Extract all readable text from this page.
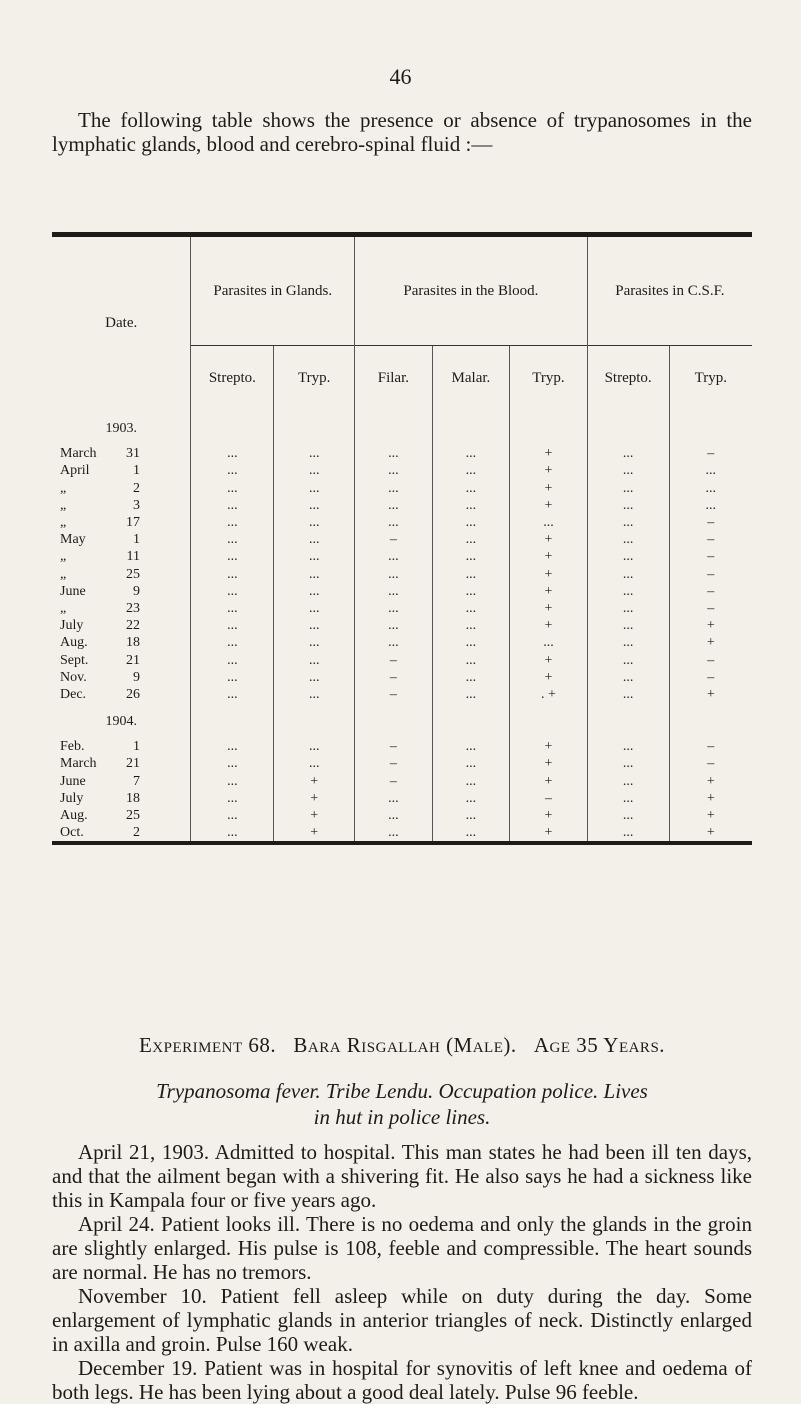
46

The following table shows the presence or absence of trypanosomes in the lymphatic glands, blood and cerebro-spinal fluid :—

Date.	Parasites in Glands.		Parasites in the Blood.			Parasites in C.S.F.	
	Strepto.	Tryp.	Filar.	Malar.	Tryp.	Strepto.	Tryp.
1903.							
March 31	...	...	...	...	+	...	–
April 1	...	...	...	...	+	...	...
„ 2	...	...	...	...	+	...	...
„ 3	...	...	...	...	+	...	...
„ 17	...	...	...	...	...	...	–
May 1	...	...	–	...	+	...	–
„ 11	...	...	...	...	+	...	–
„ 25	...	...	...	...	+	...	–
June 9	...	...	...	...	+	...	–
„ 23	...	...	...	...	+	...	–
July 22	...	...	...	...	+	...	+
Aug. 18	...	...	...	...	...	...	+
Sept. 21	...	...	–	...	+	...	–
Nov. 9	...	...	–	...	+	...	–
Dec. 26	...	...	–	...	. +	...	+
1904.							
Feb. 1	...	...	–	...	+	...	–
March 21	...	...	–	...	+	...	–
June 7	...	+	–	...	+	...	+
July 18	...	+	...	...	–	...	+
Aug. 25	...	+	...	...	+	...	+
Oct. 2	...	+	...	...	+	...	+
Experiment 68. Bara Risgallah (Male). Age 35 Years.
Trypanosoma fever. Tribe Lendu. Occupation police. Lives
in hut in police lines.

April 21, 1903. Admitted to hospital. This man states he had been ill ten days, and that the ailment began with a shivering fit. He also says he had a sickness like this in Kampala four or five years ago.

April 24. Patient looks ill. There is no oedema and only the glands in the groin are slightly enlarged. His pulse is 108, feeble and compressible. The heart sounds are normal. He has no tremors.

November 10. Patient fell asleep while on duty during the day. Some enlargement of lymphatic glands in anterior triangles of neck. Distinctly enlarged in axilla and groin. Pulse 160 weak.

December 19. Patient was in hospital for synovitis of left knee and oedema of both legs. He has been lying about a good deal lately. Pulse 96 feeble.
